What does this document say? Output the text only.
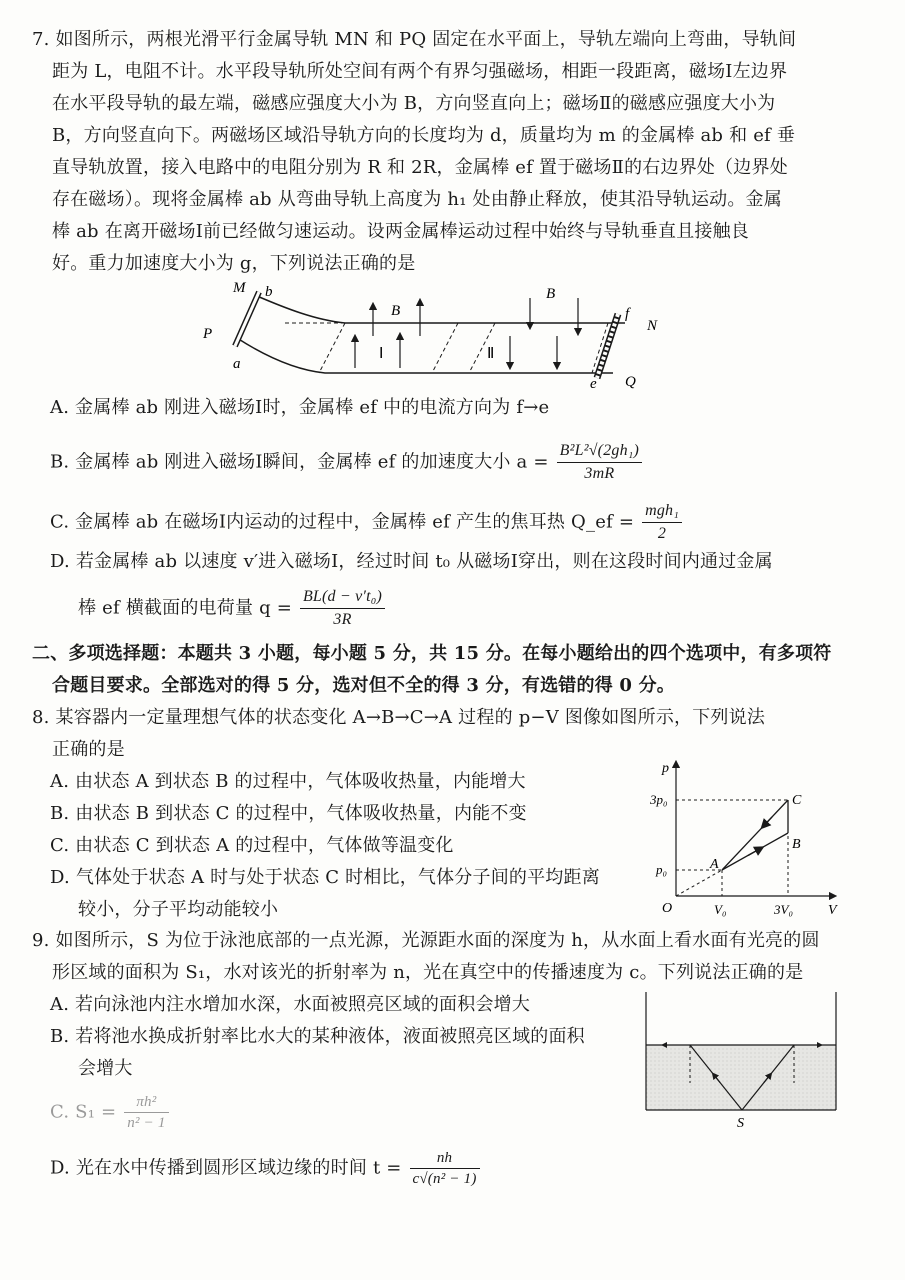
7. 如图所示，两根光滑平行金属导轨 MN 和 PQ 固定在水平面上，导轨左端向上弯曲，导轨间
距为 L，电阻不计。水平段导轨所处空间有两个有界匀强磁场，相距一段距离，磁场Ⅰ左边界
在水平段导轨的最左端，磁感应强度大小为 B，方向竖直向上；磁场Ⅱ的磁感应强度大小为
B，方向竖直向下。两磁场区域沿导轨方向的长度均为 d，质量均为 m 的金属棒 ab 和 ef 垂
直导轨放置，接入电路中的电阻分别为 R 和 2R，金属棒 ef 置于磁场Ⅱ的右边界处（边界处
存在磁场）。现将金属棒 ab 从弯曲导轨上高度为 h₁ 处由静止释放，使其沿导轨运动。金属
棒 ab 在离开磁场Ⅰ前已经做匀速运动。设两金属棒运动过程中始终与导轨垂直且接触良
好。重力加速度大小为 g，下列说法正确的是
M b
P
a
B
Ⅰ
B
Ⅱ
f
N
e Q
A. 金属棒 ab 刚进入磁场Ⅰ时，金属棒 ef 中的电流方向为 f→e
B. 金属棒 ab 刚进入磁场Ⅰ瞬间，金属棒 ef 的加速度大小 $a = \frac{\text{B²L²√(2gh₁)}}{3mR}$
C. 金属棒 ab 在磁场Ⅰ内运动的过程中，金属棒 ef 产生的焦耳热 Q_ef = $\frac{\text{mgh₁}}{2}$
D. 若金属棒 ab 以速度 v′进入磁场Ⅰ，经过时间 t₀ 从磁场Ⅰ穿出，则在这段时间内通过金属
棒 ef 横截面的电荷量 $q = \frac{\text{BL(d − v′t₀)}}{3R}$
二、多项选择题：本题共 3 小题，每小题 5 分，共 15 分。在每小题给出的四个选项中，有多项符
合题目要求。全部选对的得 5 分，选对但不全的得 3 分，有选错的得 0 分。
8. 某容器内一定量理想气体的状态变化 A→B→C→A 过程的 p−V 图像如图所示，下列说法
正确的是
A. 由状态 A 到状态 B 的过程中，气体吸收热量，内能增大
B. 由状态 B 到状态 C 的过程中，气体吸收热量，内能不变
C. 由状态 C 到状态 A 的过程中，气体做等温变化
D. 气体处于状态 A 时与处于状态 C 时相比，气体分子间的平均距离
较小，分子平均动能较小
p
V
O
3p₀
p₀
V₀	3V₀
A
B
C
9. 如图所示，S 为位于泳池底部的一点光源，光源距水面的深度为 h，从水面上看水面有光亮的圆
形区域的面积为 S₁，水对该光的折射率为 n，光在真空中的传播速度为 c。下列说法正确的是
A. 若向泳池内注水增加水深，水面被照亮区域的面积会增大
B. 若将池水换成折射率比水大的某种液体，液面被照亮区域的面积
会增大
C. $S_1 = \frac{\text{πh²}}{\text{n² − 1}}$
D. 光在水中传播到圆形区域边缘的时间 $t = \frac{nh}{\text{c√(n² − 1)}}$
S
